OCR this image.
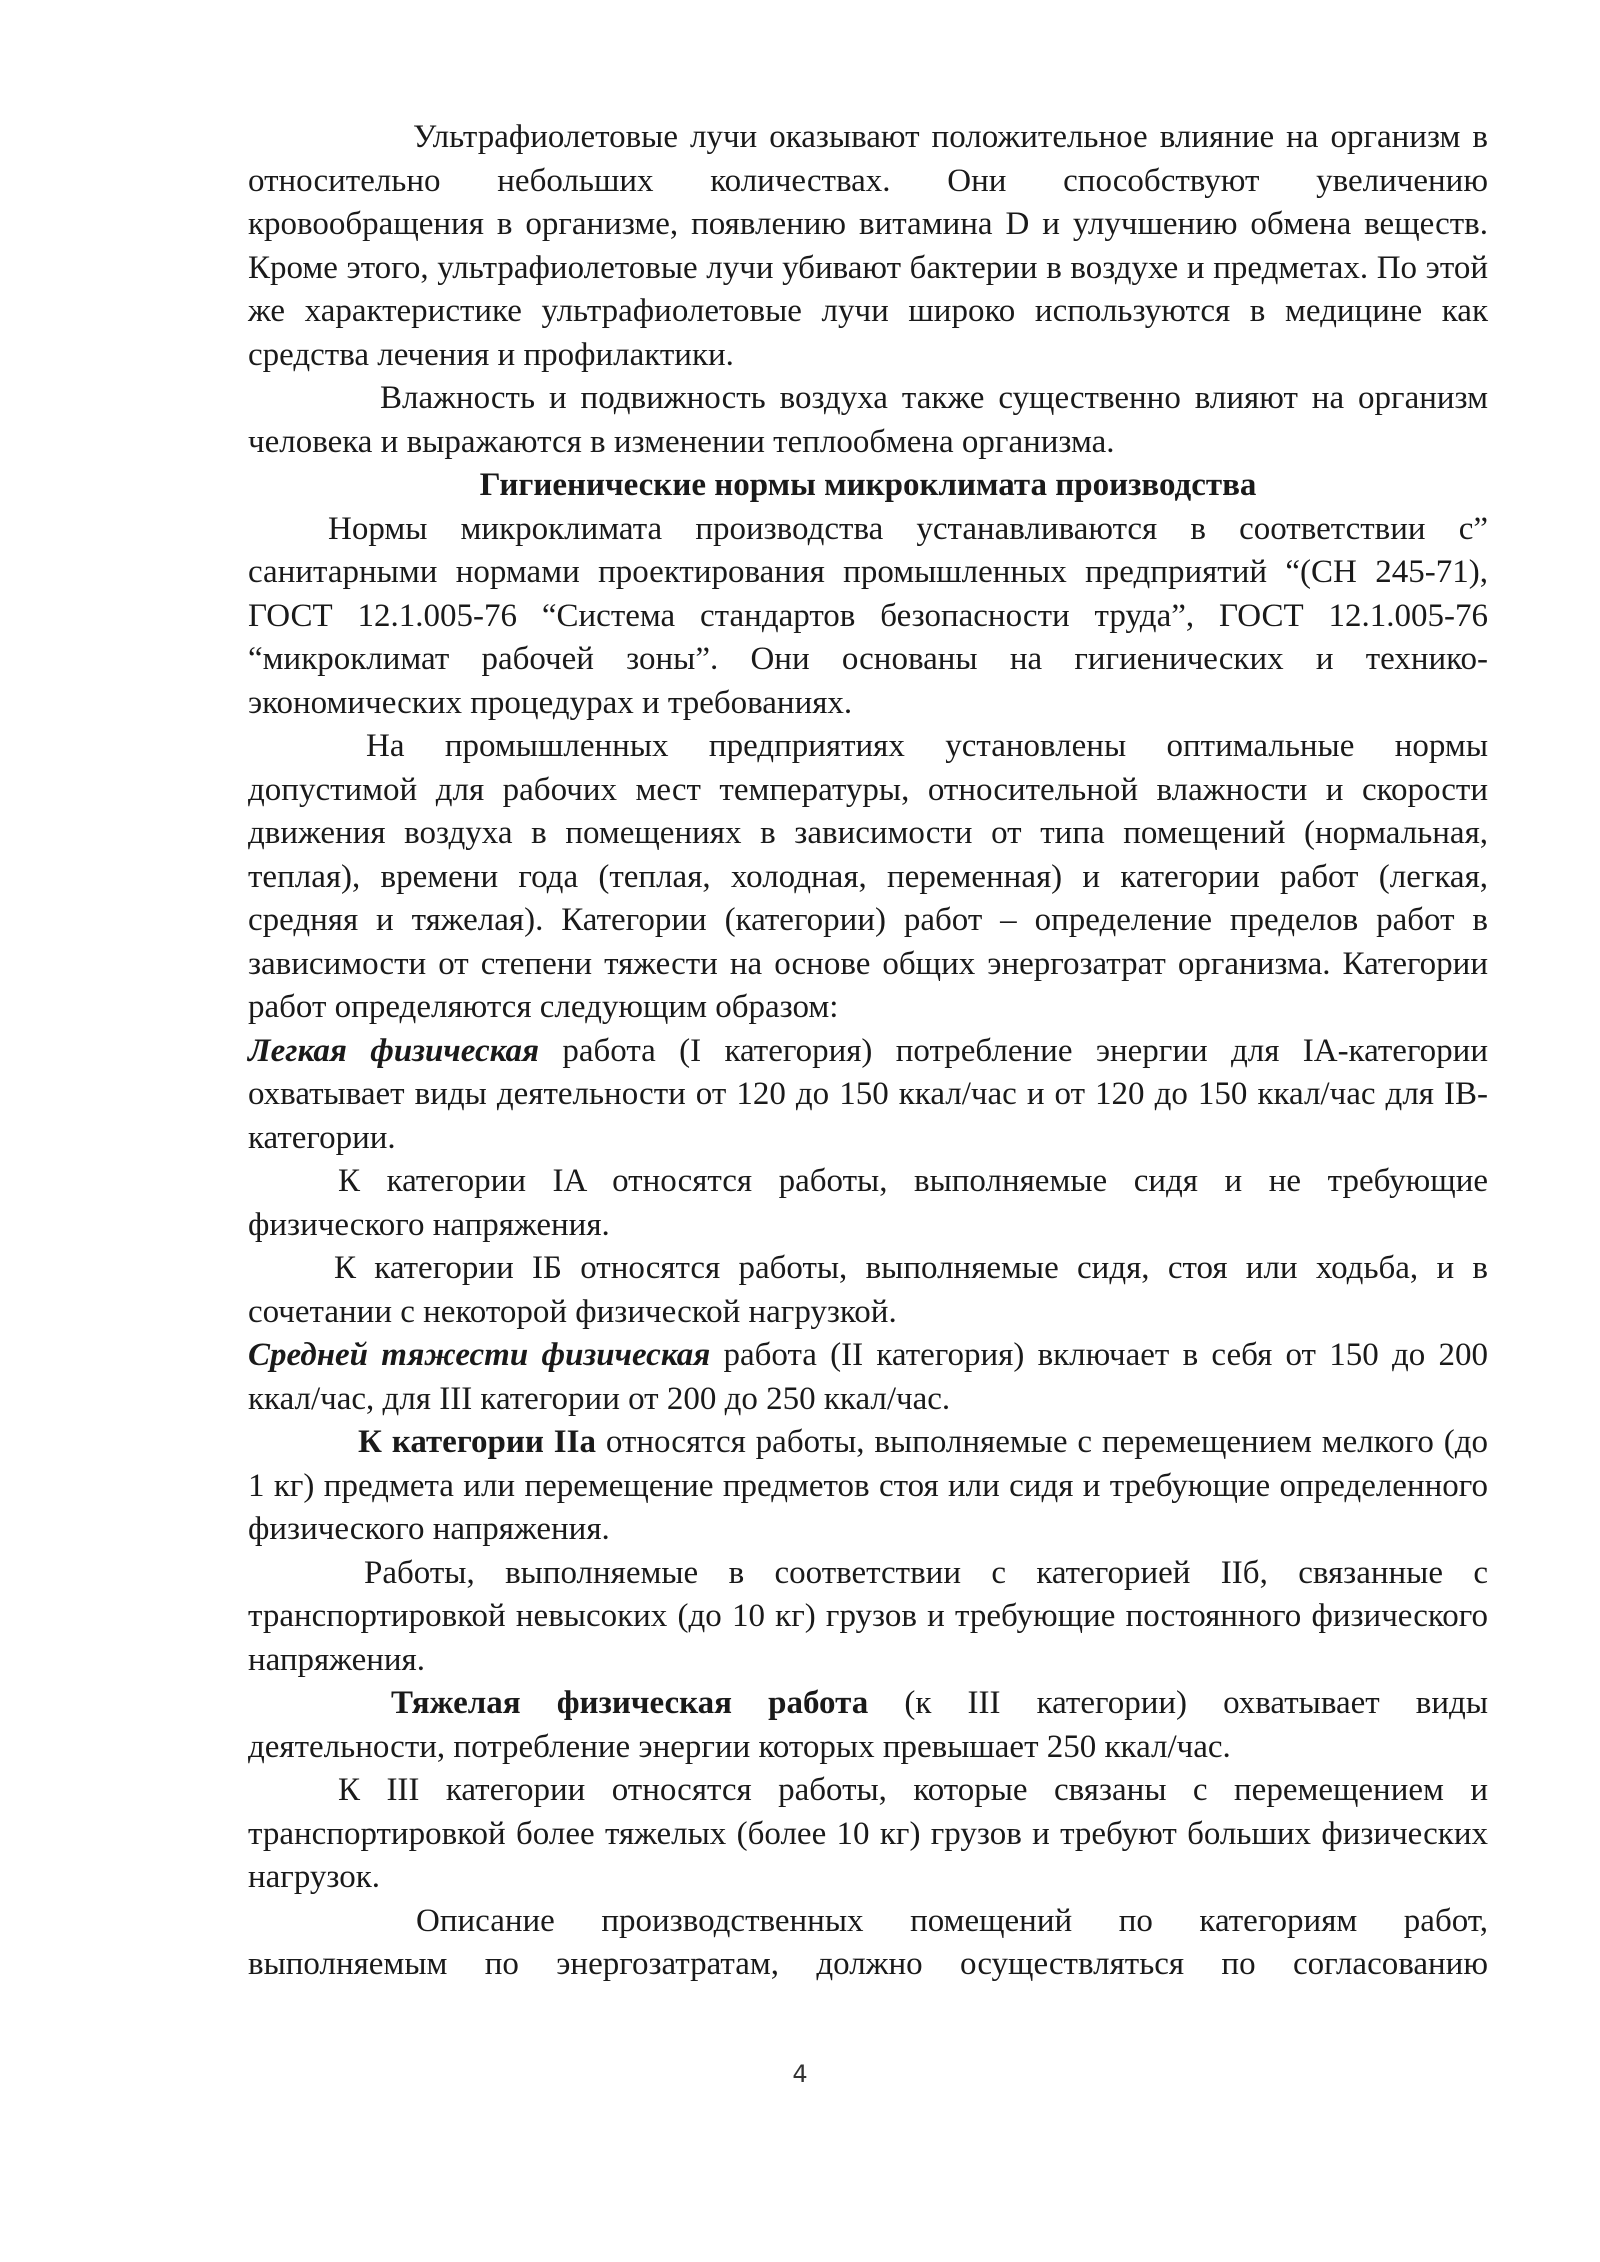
Ультрафиолетовые лучи оказывают положительное влияние на организм в относительно небольших количествах. Они способствуют увеличению кровообращения в организме, появлению витамина D и улучшению обмена веществ. Кроме этого, ультрафиолетовые лучи убивают бактерии в воздухе и предметах. По этой же характеристике ультрафиолетовые лучи широко используются в медицине как средства лечения и профилактики.

Влажность и подвижность воздуха также существенно влияют на организм человека и выражаются в изменении теплообмена организма.

Гигиенические нормы микроклимата производства

Нормы микроклимата производства устанавливаются в соответствии с” санитарными нормами проектирования промышленных предприятий “(СН 245-71), ГОСТ 12.1.005-76 “Система стандартов безопасности труда”, ГОСТ 12.1.005-76 “микроклимат рабочей зоны”. Они основаны на гигиенических и технико-экономических процедурах и требованиях.

На промышленных предприятиях установлены оптимальные нормы допустимой для рабочих мест температуры, относительной влажности и скорости движения воздуха в помещениях в зависимости от типа помещений (нормальная, теплая), времени года (теплая, холодная, переменная) и категории работ (легкая, средняя и тяжелая). Категории (категории) работ – определение пределов работ в зависимости от степени тяжести на основе общих энергозатрат организма. Категории работ определяются следующим образом:

Легкая физическая работа (I категория) потребление энергии для IA-категории охватывает виды деятельности от 120 до 150 ккал/час и от 120 до 150 ккал/час для IB-категории.

К категории IA относятся работы, выполняемые сидя и не требующие физического напряжения.

К категории IБ относятся работы, выполняемые сидя, стоя или ходьба, и в сочетании с некоторой физической нагрузкой.

Средней тяжести физическая работа (II категория) включает в себя от 150 до 200 ккал/час, для III категории от 200 до 250 ккал/час.

К категории IIa относятся работы, выполняемые с перемещением мелкого (до 1 кг) предмета или перемещение предметов стоя или сидя и требующие определенного физического напряжения.

Работы, выполняемые в соответствии с категорией IIб, связанные с транспортировкой невысоких (до 10 кг) грузов и требующие постоянного физического напряжения.

Тяжелая физическая работа (к III категории) охватывает виды деятельности, потребление энергии которых превышает 250 ккал/час.

К III категории относятся работы, которые связаны с перемещением и транспортировкой более тяжелых (более 10 кг) грузов и требуют больших физических нагрузок.

Описание производственных помещений по категориям работ, выполняемым по энергозатратам, должно осуществляться по согласованию

4
